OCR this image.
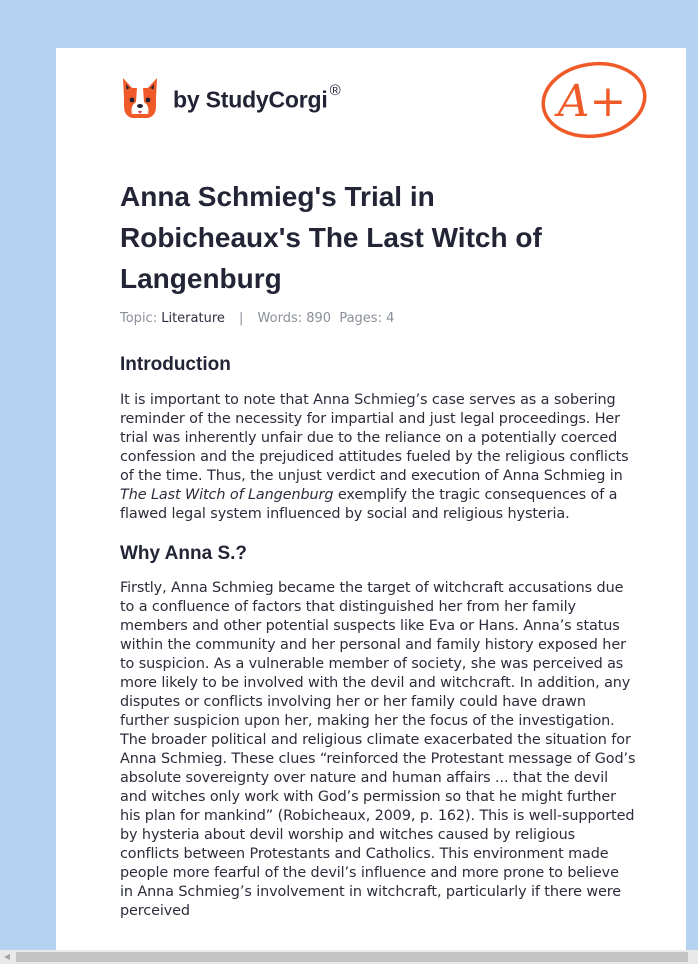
by StudyCorgi ®	A+
Anna Schmieg's Trial in Robicheaux's The Last Witch of Langenburg
Topic: Literature | Words: 890 Pages: 4
Introduction

It is important to note that Anna Schmieg’s case serves as a sobering reminder of the necessity for impartial and just legal proceedings. Her trial was inherently unfair due to the reliance on a potentially coerced confession and the prejudiced attitudes fueled by the religious conflicts of the time. Thus, the unjust verdict and execution of Anna Schmieg in The Last Witch of Langenburg exemplify the tragic consequences of a flawed legal system influenced by social and religious hysteria.

Why Anna S.?

Firstly, Anna Schmieg became the target of witchcraft accusations due to a confluence of factors that distinguished her from her family members and other potential suspects like Eva or Hans. Anna’s status within the community and her personal and family history exposed her to suspicion. As a vulnerable member of society, she was perceived as more likely to be involved with the devil and witchcraft. In addition, any disputes or conflicts involving her or her family could have drawn further suspicion upon her, making her the focus of the investigation. The broader political and religious climate exacerbated the situation for Anna Schmieg. These clues “reinforced the Protestant message of God’s absolute sovereignty over nature and human affairs ... that the devil and witches only work with God’s permission so that he might further his plan for mankind” (Robicheaux, 2009, p. 162). This is well-supported by hysteria about devil worship and witches caused by religious conflicts between Protestants and Catholics. This environment made people more fearful of the devil’s influence and more prone to believe in Anna Schmieg’s involvement in witchcraft, particularly if there were perceived

◀
